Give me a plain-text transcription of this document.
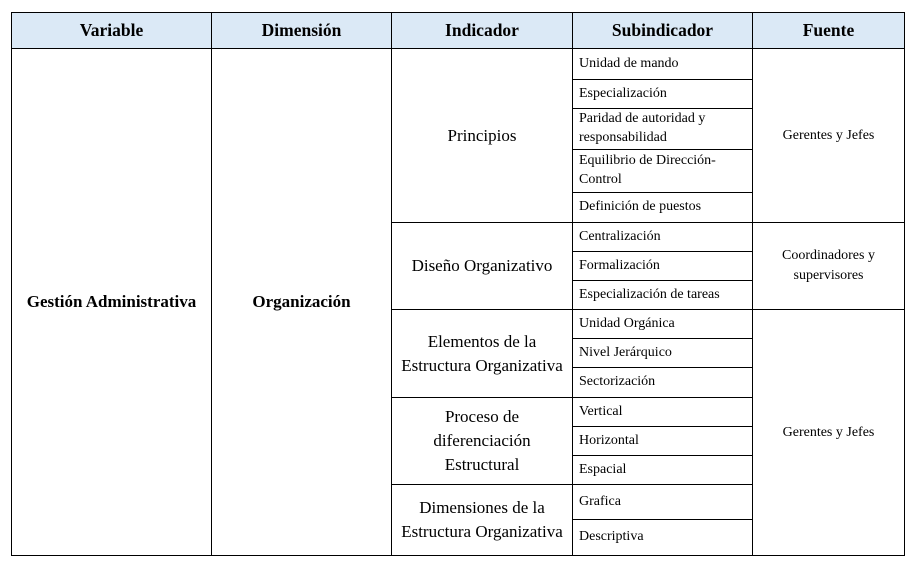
Variable	Dimensión	Indicador	Subindicador	Fuente
Gestión Administrativa	Organización	Principios	Unidad de mando	Gerentes y Jefes
			Especialización	
			Paridad de autoridad y responsabilidad	
			Equilibrio de Dirección-Control	
			Definición de puestos	
		Diseño Organizativo	Centralización	Coordinadores y supervisores
			Formalización	
			Especialización de tareas	
		Elementos de la Estructura Organizativa	Unidad Orgánica	Gerentes y Jefes
			Nivel Jerárquico	
			Sectorización	
		Proceso de diferenciación Estructural	Vertical	
			Horizontal	
			Espacial	
		Dimensiones de la Estructura Organizativa	Grafica	
			Descriptiva	
